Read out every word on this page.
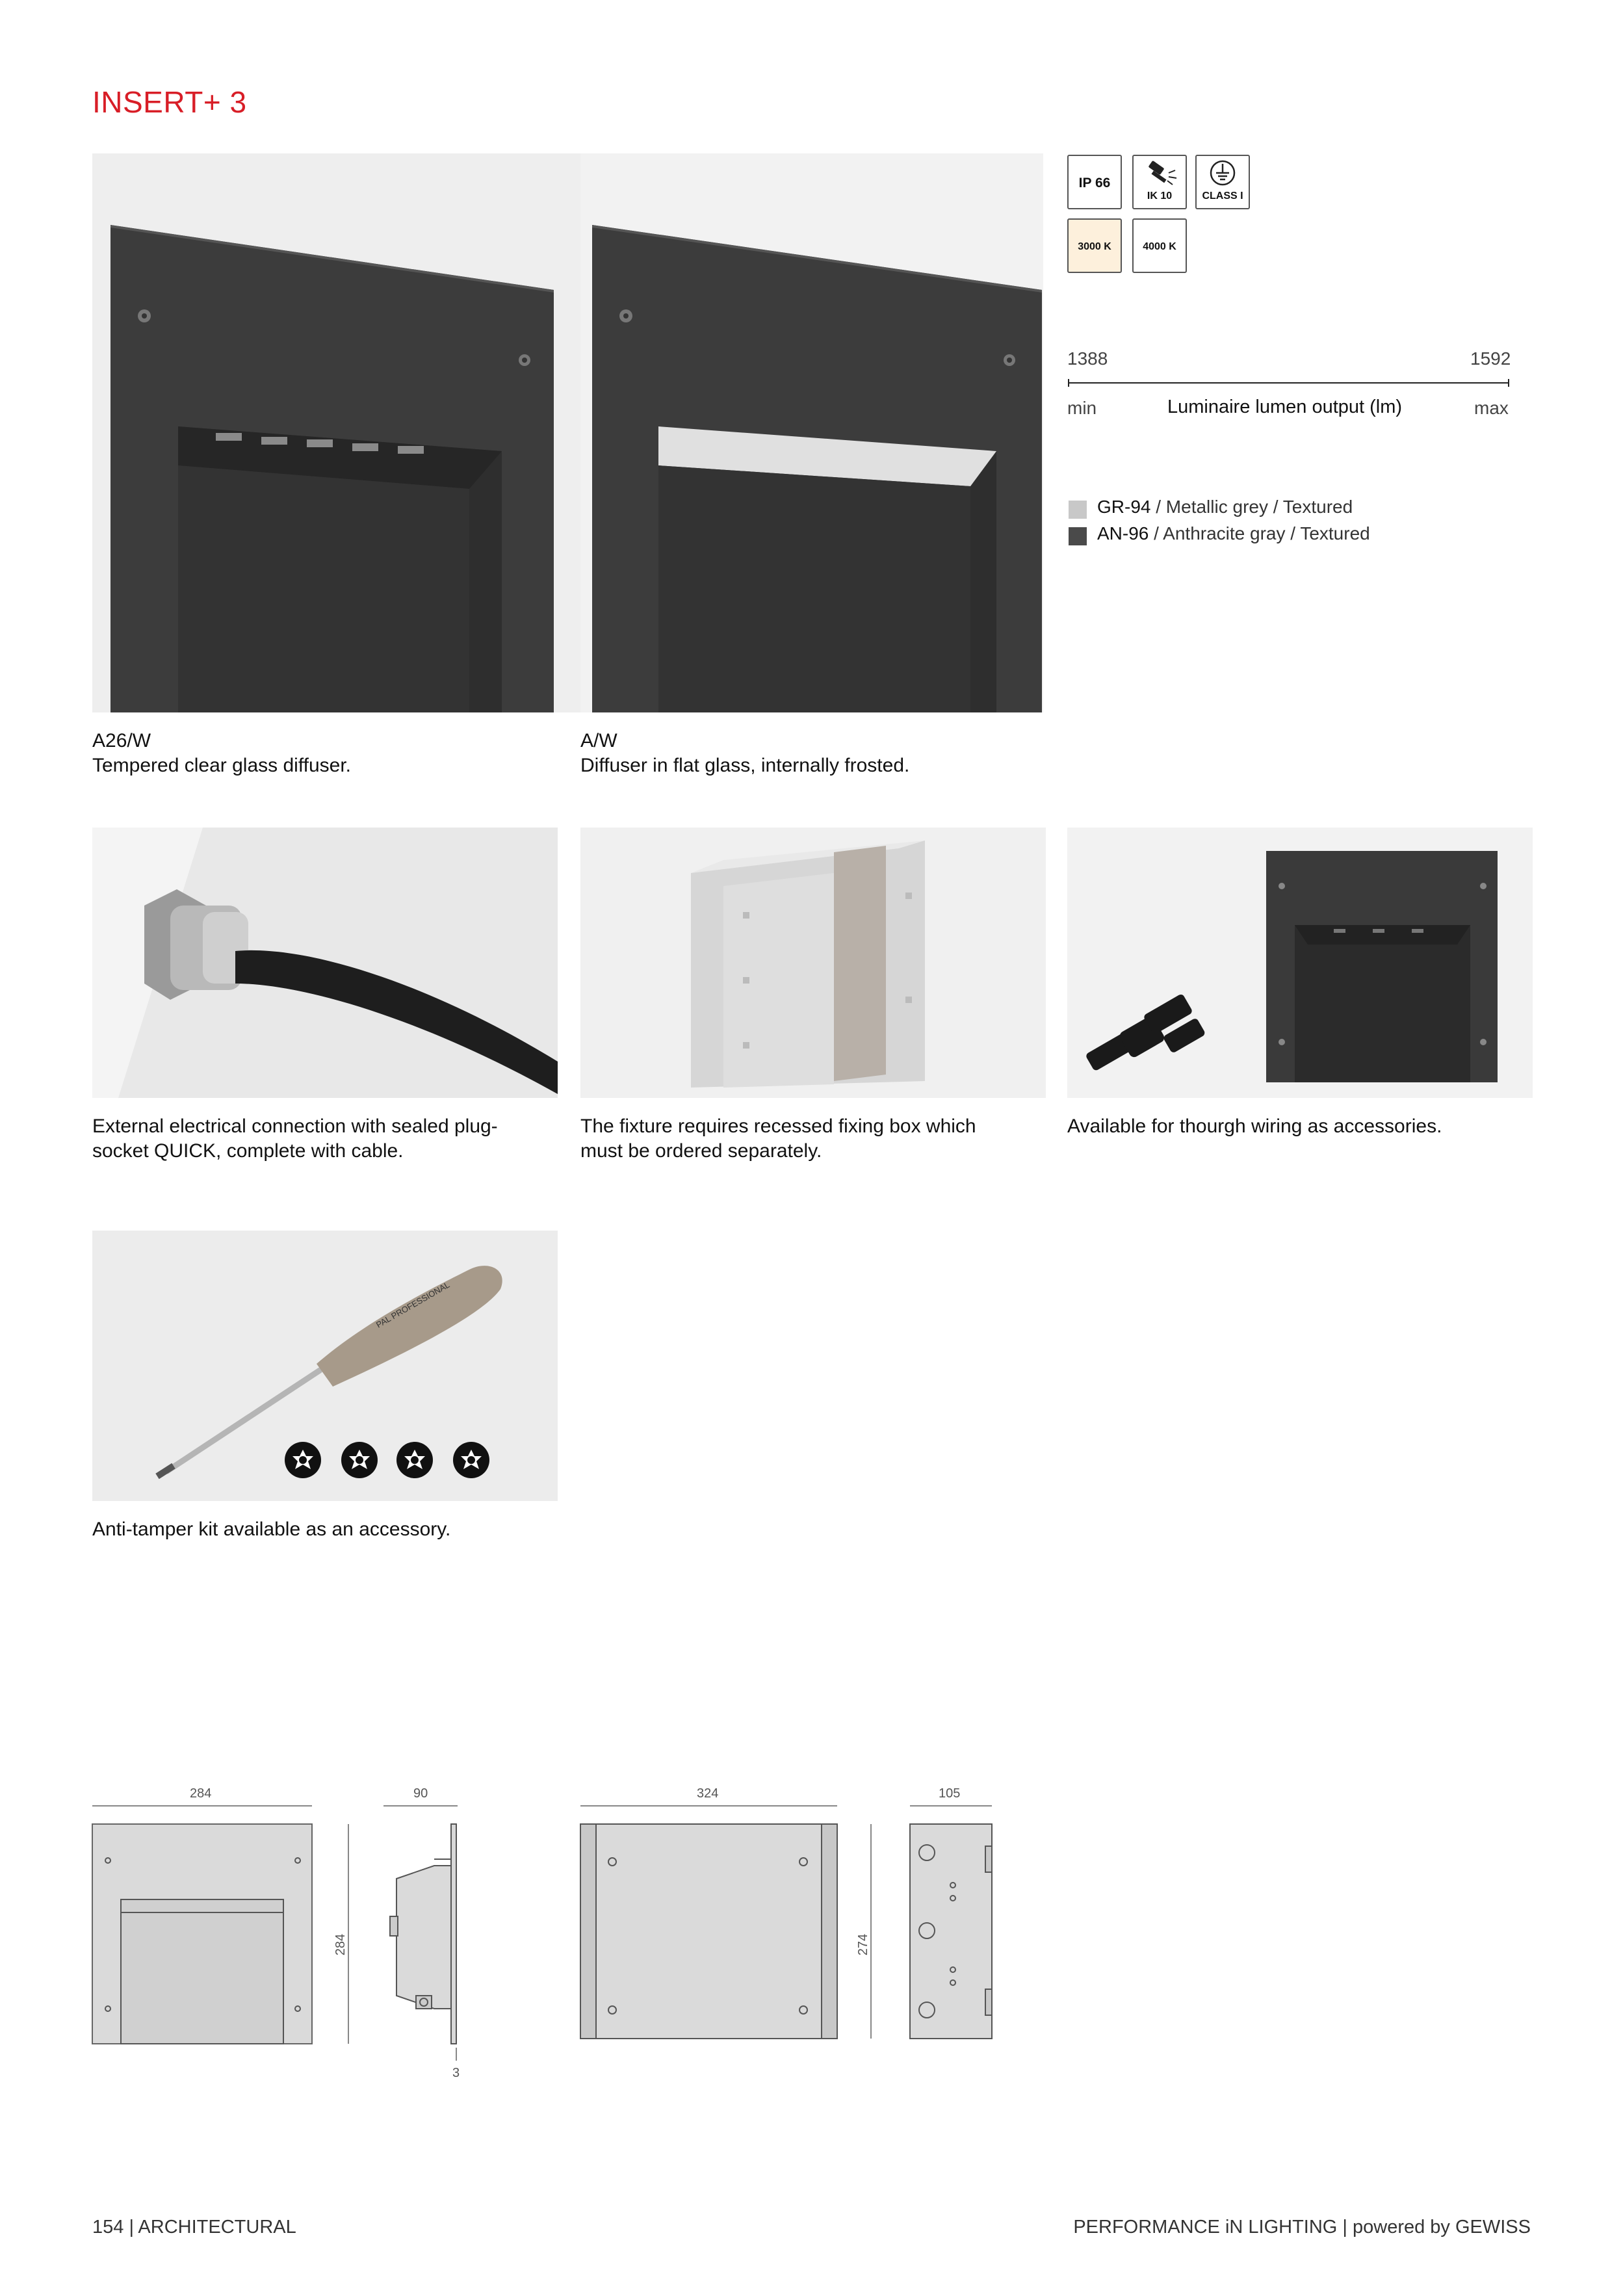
INSERT+ 3
IP 66
IK 10	CLASS I
3000 K	4000 K
1388	1592
min	Luminaire lumen output (lm)	max
GR-94 / Metallic grey / Textured
AN-96 / Anthracite gray / Textured
A26/W
Tempered clear glass diffuser.
A/W
Diffuser in flat glass, internally frosted.
External electrical connection with sealed plug-
socket QUICK, complete with cable.
The fixture requires recessed fixing box which
must be ordered separately.
Available for thourgh wiring as accessories.
PAL PROFESSIONAL
Anti-tamper kit available as an accessory.
284	90	324	105
284	274
3
154 | ARCHITECTURAL	PERFORMANCE iN LIGHTING | powered by GEWISS
